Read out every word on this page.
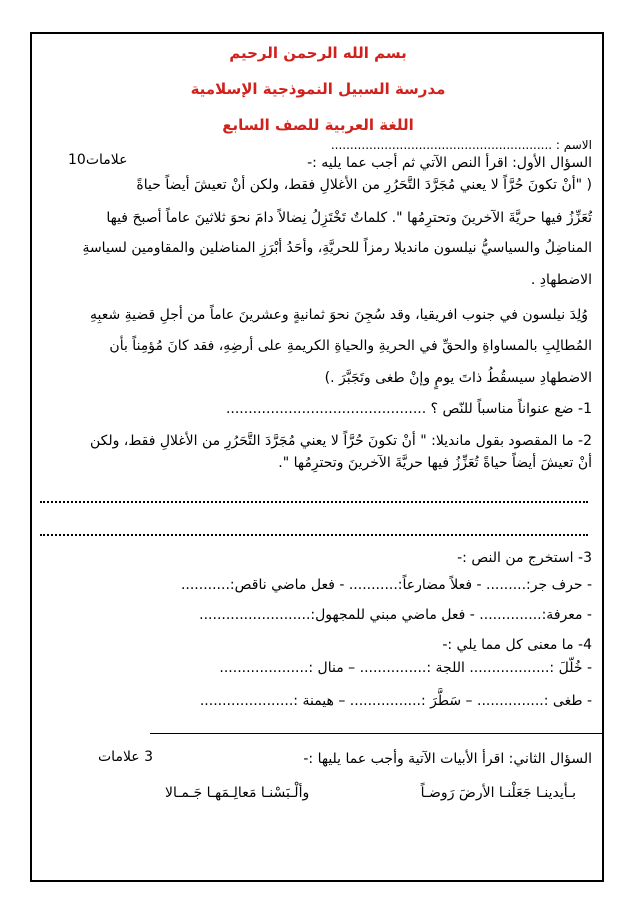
بسم الله الرحمن الرحيم
مدرسة السبيل النموذجية الإسلامية
اللغة العربية للصف السابع
الاسم : ..........................................................
السؤال الأول: اقرأ النص الآتي ثم أجب عما يليه :-
10علامات
( "أنْ تكونَ حُرَّاً لا يعني مُجَرَّدَ التَّحَرُرِ من الأغلالِ فقط، ولكن أنْ تعيشَ أيضاً حياةً
تُعَزِّزُ فيها حريَّةَ الآخرينَ وتحترِمُها ". كلماتٌ تَخْتَزِلُ نِضالاً دامَ نحوَ ثلاثينَ عاماً أصبحَ فيها
المناضِلُ والسياسيُّ نيلسون مانديلا رمزاً للحريَّةِ، وأحَدُ أبْرَزِ المناضلين والمقاومين لسياسةِ
الاضطهادِ .
وُلِدَ نيلسون في جنوب افريقيا، وقد سُجِنَ نحوَ ثمانيةٍ وعشرينَ عاماً من أجلِ قضيةِ شعبِهِ
المُطالِبِ بالمساواةِ والحقِّ في الحريةِ والحياةِ الكريمةِ على أرضِهِ، فقد كانَ مُؤمِناً بأن
الاضطهادِ سيسقُطُ ذاتَ يومٍ وإنْ طغى وتَجَبَّرَ .)
1- ضع عنواناً مناسباً للنّص ؟ .............................................
2- ما المقصود بقول مانديلا: " أنْ تكونَ حُرَّاً لا يعني مُجَرَّدَ التَّحَرُرِ من الأغلالِ فقط، ولكن
أنْ تعيشَ أيضاً حياةً تُعَزِّزُ فيها حريَّةَ الآخرينَ وتحترِمُها ".
3- استخرج من النص :-
- حرف جر:......... - فعلاً مضارعاً:........... - فعل ماضي ناقص:...........
- معرفة:.............. - فعل ماضي مبني للمجهول:.........................
4- ما معنى كل مما يلي :-
- خُلّلَ :.................. اللجة :............... – منال :....................
- طغى :............... – سَطَّرَ :................ – هيمنة :.....................
السؤال الثاني: اقرأ الأبيات الآتية وأجب عما يليها :-
3 علامات
بـأيدينـا جَعَلْنـا الأرضَ رَوضـاً
وألْـبَسْنـا مَعالِـمَهـا جَـمـالا
